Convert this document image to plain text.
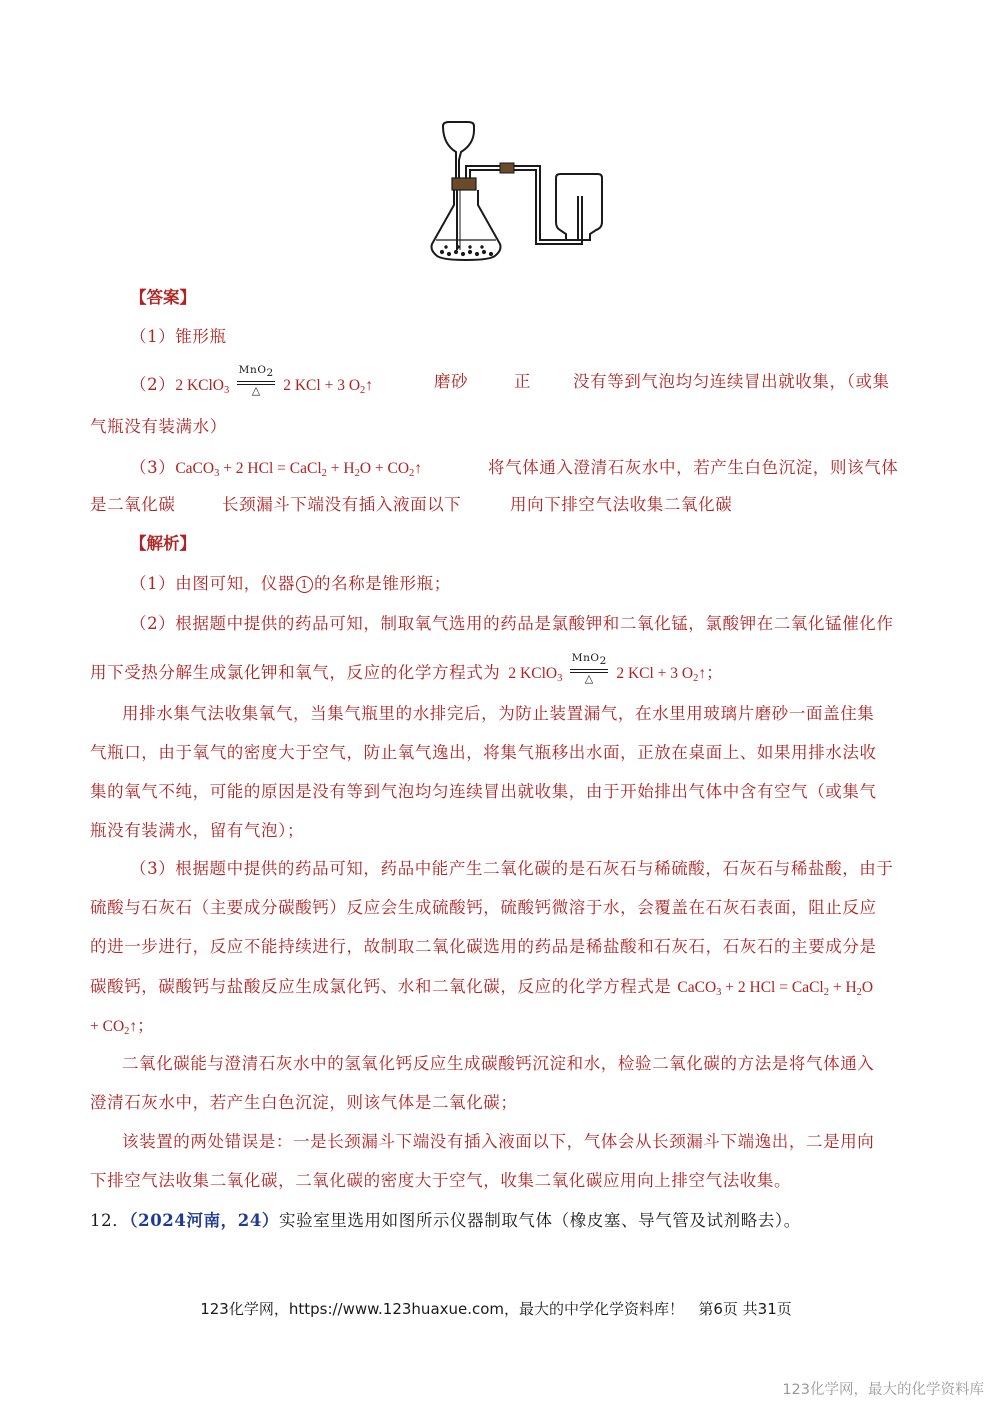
【答案】
（1）锥形瓶
（2）2 KClO$_3$
MnO$_2$
△	2 KCl + 3 $O_2↑$	磨砂	正	没有等到气泡均匀连续冒出就收集，（或集
气瓶没有装满水）
（3）CaCO$_3$ + 2 HCl = CaCl$_2$ + $H_2O$ + $CO_2↑$	将气体通入澄清石灰水中，若产生白色沉淀，则该气体
是二氧化碳	长颈漏斗下端没有插入液面以下	用向下排空气法收集二氧化碳
【解析】
（1）由图可知，仪器 1 的名称是锥形瓶；
（2）根据题中提供的药品可知，制取氧气选用的药品是氯酸钾和二氧化锰，氯酸钾在二氧化锰催化作
用下受热分解生成氯化钾和氧气，反应的化学方程式为 2 KClO$_3$
MnO$_2$
△	2 KCl + 3 $O_2↑$；
用排水集气法收集氧气，当集气瓶里的水排完后，为防止装置漏气，在水里用玻璃片磨砂一面盖住集
气瓶口，由于氧气的密度大于空气，防止氧气逸出，将集气瓶移出水面，正放在桌面上、如果用排水法收
集的氧气不纯，可能的原因是没有等到气泡均匀连续冒出就收集，由于开始排出气体中含有空气（或集气
瓶没有装满水，留有气泡）；
（3）根据题中提供的药品可知，药品中能产生二氧化碳的是石灰石与稀硫酸，石灰石与稀盐酸，由于
硫酸与石灰石（主要成分碳酸钙）反应会生成硫酸钙，硫酸钙微溶于水，会覆盖在石灰石表面，阻止反应
的进一步进行，反应不能持续进行，故制取二氧化碳选用的药品是稀盐酸和石灰石，石灰石的主要成分是
碳酸钙，碳酸钙与盐酸反应生成氯化钙、水和二氧化碳，反应的化学方程式是 CaCO$_3$ + 2 HCl = CaCl$_2$ + $H_2O$
+ $CO_2↑$；
二氧化碳能与澄清石灰水中的氢氧化钙反应生成碳酸钙沉淀和水，检验二氧化碳的方法是将气体通入
澄清石灰水中，若产生白色沉淀，则该气体是二氧化碳；
该装置的两处错误是：一是长颈漏斗下端没有插入液面以下，气体会从长颈漏斗下端逸出，二是用向
下排空气法收集二氧化碳，二氧化碳的密度大于空气，收集二氧化碳应用向上排空气法收集。
12．（2024河南，24）实验室里选用如图所示仪器制取气体（橡皮塞、导气管及试剂略去）。
123化学网，https://www.123huaxue.com，最大的中学化学资料库！ 第6页 共31页
123化学网，最大的化学资料库
